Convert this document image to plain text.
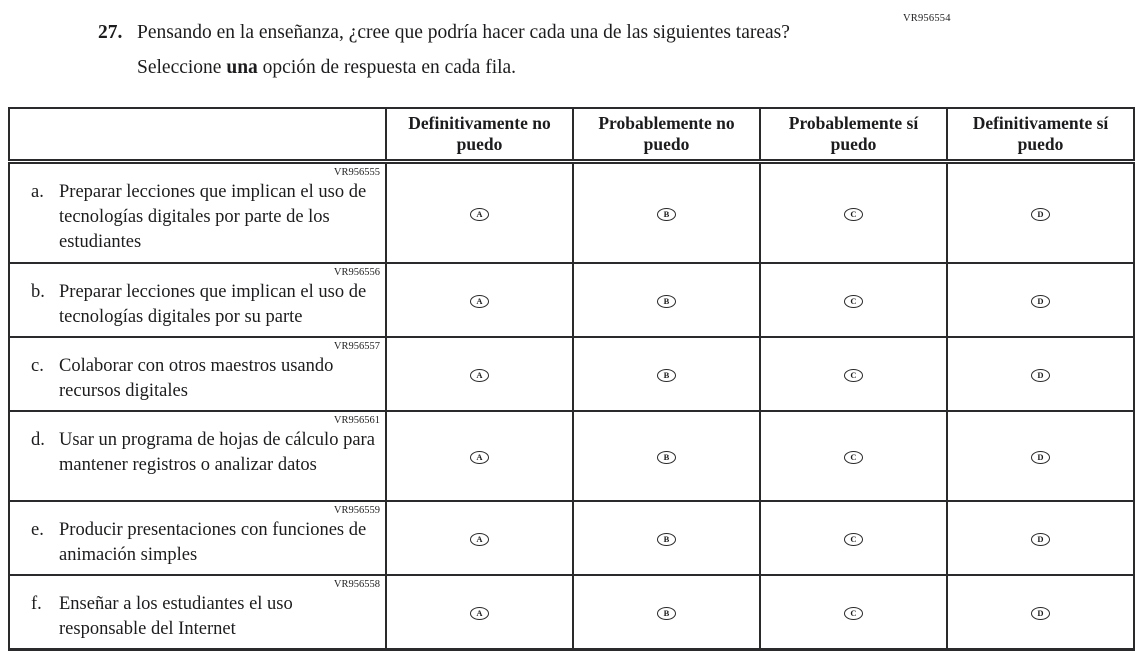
VR956554
27. Pensando en la enseñanza, ¿cree que podría hacer cada una de las siguientes tareas?
Seleccione una opción de respuesta en cada fila.
	Definitivamente no puedo	Probablemente no puedo	Probablemente sí puedo	Definitivamente sí puedo

VR956555
a. Preparar lecciones que implican el uso de tecnologías digitales por parte de los estudiantes	A	B	C	D

VR956556
b. Preparar lecciones que implican el uso de tecnologías digitales por su parte	A	B	C	D

VR956557
c. Colaborar con otros maestros usando recursos digitales	A	B	C	D

VR956561
d. Usar un programa de hojas de cálculo para mantener registros o analizar datos	A	B	C	D

VR956559
e. Producir presentaciones con funciones de animación simples	A	B	C	D

VR956558
f. Enseñar a los estudiantes el uso responsable del Internet	A	B	C	D
